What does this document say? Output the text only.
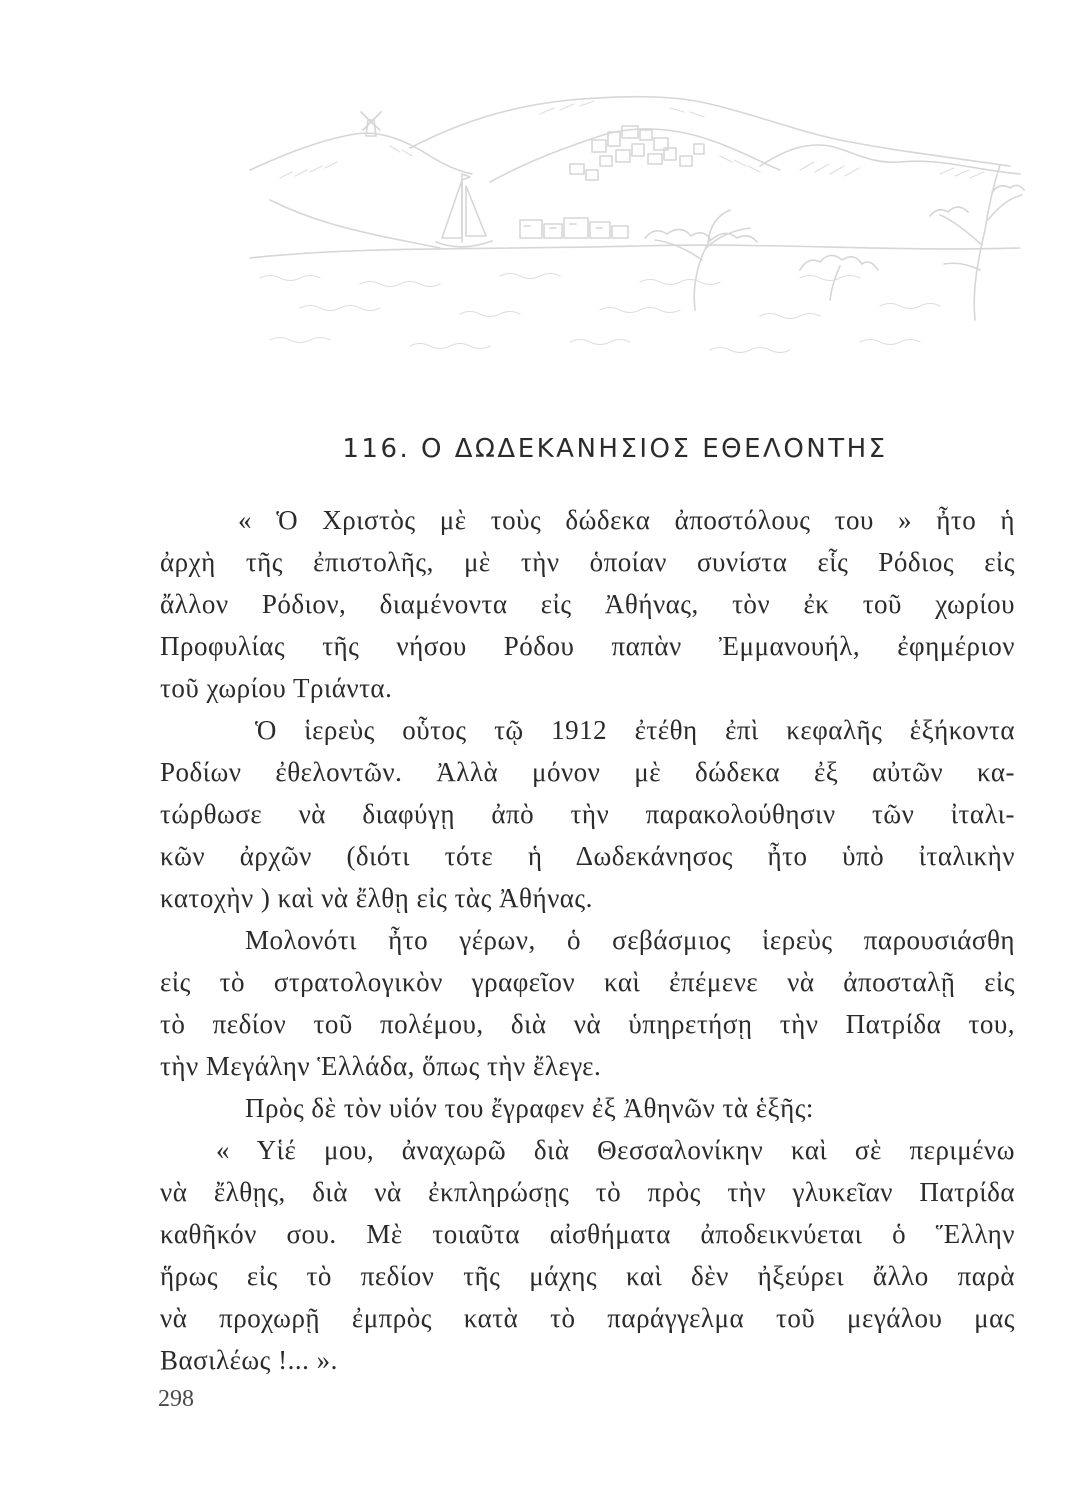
116. Ο ΔΩΔΕΚΑΝΗΣΙΟΣ ΕΘΕΛΟΝΤΗΣ
« Ὁ Χριστὸς μὲ τοὺς δώδεκα ἀποστόλους του » ἦτο ἡ
ἀρχὴ τῆς ἐπιστολῆς, μὲ τὴν ὁποίαν συνίστα εἷς Ρόδιος εἰς
ἄλλον Ρόδιον, διαμένοντα εἰς Ἀθήνας, τὸν ἐκ τοῦ χωρίου
Προφυλίας τῆς νήσου Ρόδου παπὰν Ἐμμανουήλ, ἐφημέριον
τοῦ χωρίου Τριάντα.
Ὁ ἱερεὺς οὗτος τῷ 1912 ἐτέθη ἐπὶ κεφαλῆς ἑξήκοντα
Ροδίων ἐθελοντῶν. Ἀλλὰ μόνον μὲ δώδεκα ἐξ αὐτῶν κα-
τώρθωσε νὰ διαφύγῃ ἀπὸ τὴν παρακολούθησιν τῶν ἰταλι-
κῶν ἀρχῶν (διότι τότε ἡ Δωδεκάνησος ἦτο ὑπὸ ἰταλικὴν
κατοχὴν ) καὶ νὰ ἔλθῃ εἰς τὰς Ἀθήνας.
Μολονότι ἦτο γέρων, ὁ σεβάσμιος ἱερεὺς παρουσιάσθη
εἰς τὸ στρατολογικὸν γραφεῖον καὶ ἐπέμενε νὰ ἀποσταλῇ εἰς
τὸ πεδίον τοῦ πολέμου, διὰ νὰ ὑπηρετήσῃ τὴν Πατρίδα του,
τὴν Μεγάλην Ἑλλάδα, ὅπως τὴν ἔλεγε.
Πρὸς δὲ τὸν υἱόν του ἔγραφεν ἐξ Ἀθηνῶν τὰ ἑξῆς:
« Υἱέ μου, ἀναχωρῶ διὰ Θεσσαλονίκην καὶ σὲ περιμένω
νὰ ἔλθῃς, διὰ νὰ ἐκπληρώσῃς τὸ πρὸς τὴν γλυκεῖαν Πατρίδα
καθῆκόν σου. Μὲ τοιαῦτα αἰσθήματα ἀποδεικνύεται ὁ Ἕλλην
ἥρως εἰς τὸ πεδίον τῆς μάχης καὶ δὲν ἠξεύρει ἄλλο παρὰ
νὰ προχωρῇ ἐμπρὸς κατὰ τὸ παράγγελμα τοῦ μεγάλου μας
Βασιλέως !... ».
298
